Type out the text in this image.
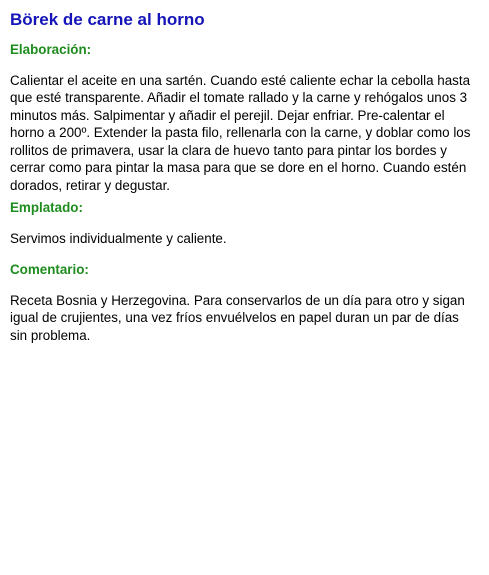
Börek de carne al horno
Elaboración:

Calientar el aceite en una sartén. Cuando esté caliente echar la cebolla hasta que esté transparente. Añadir el tomate rallado y la carne y rehógalos unos 3 minutos más. Salpimentar y añadir el perejil. Dejar enfriar. Pre-calentar el horno a 200º. Extender la pasta filo, rellenarla con la carne, y doblar como los rollitos de primavera, usar la clara de huevo tanto para pintar los bordes y cerrar como para pintar la masa para que se dore en el horno. Cuando estén dorados, retirar y degustar.

Emplatado:

Servimos individualmente y caliente.

Comentario:

Receta Bosnia y Herzegovina. Para conservarlos de un día para otro y sigan igual de crujientes, una vez fríos envuélvelos en papel duran un par de días sin problema.
